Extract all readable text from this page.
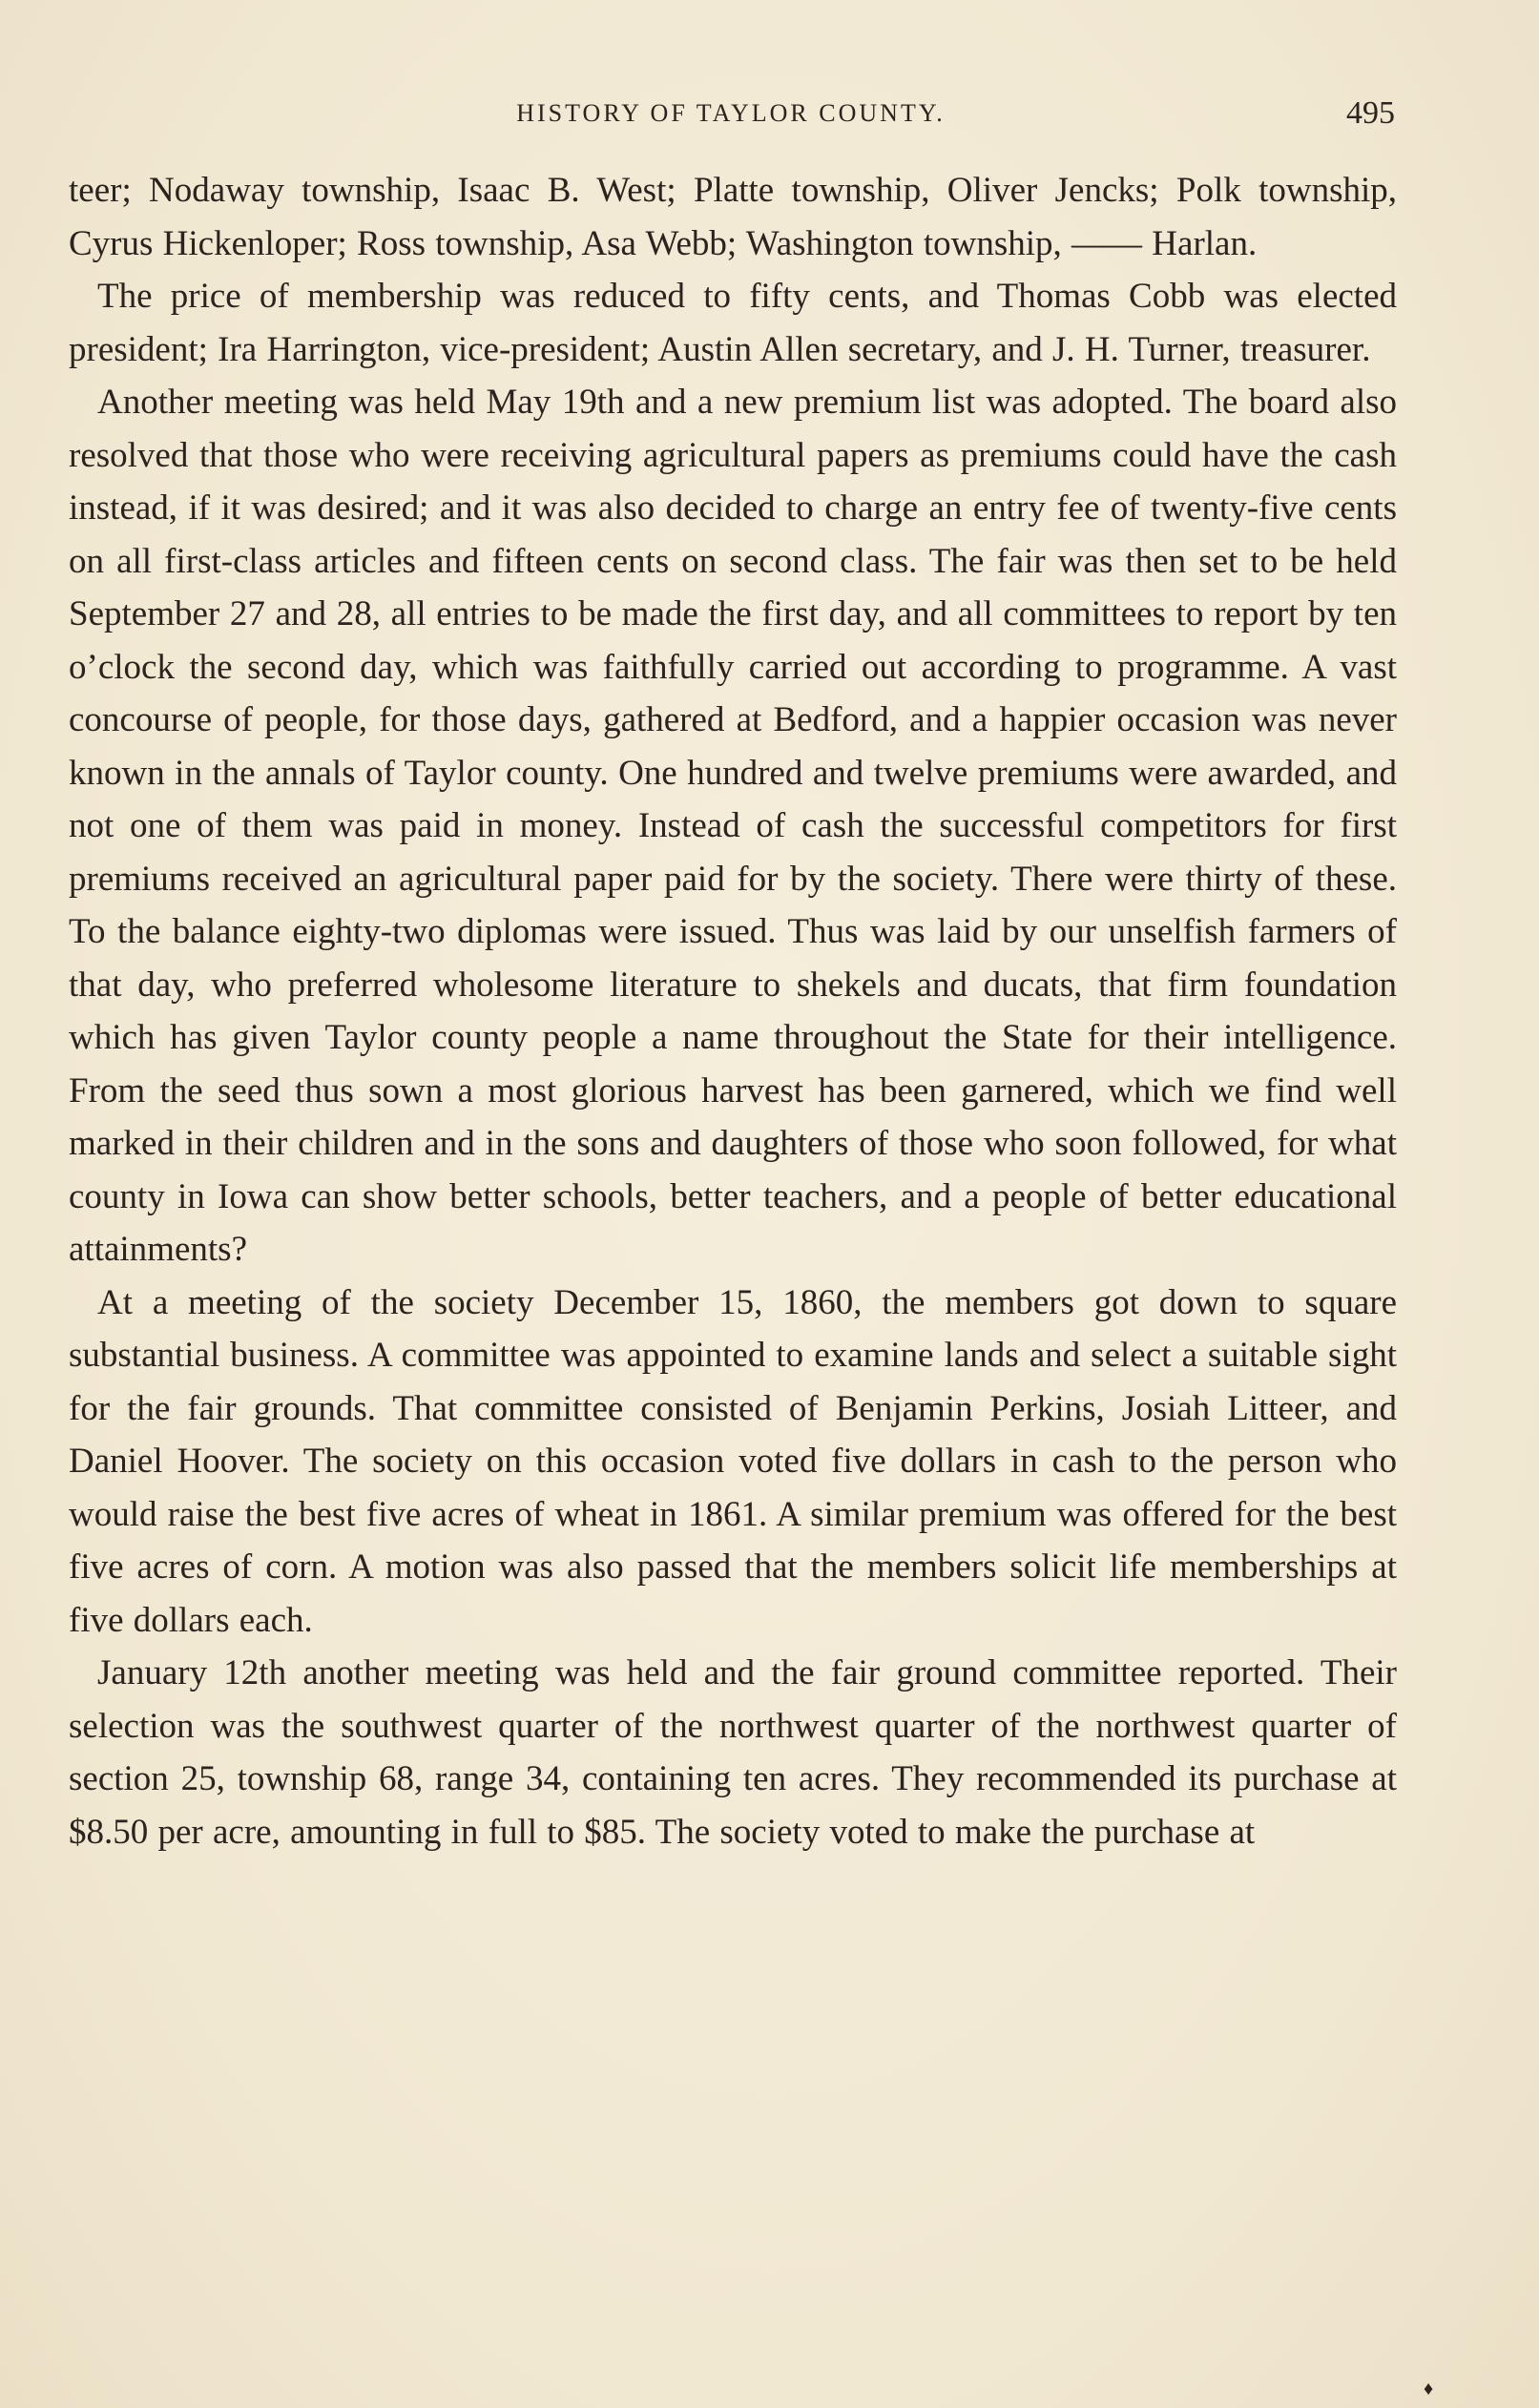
HISTORY OF TAYLOR COUNTY.	495

teer; Nodaway township, Isaac B. West; Platte township, Oliver Jencks; Polk township, Cyrus Hickenloper; Ross township, Asa Webb; Washington township, —— Harlan.

The price of membership was reduced to fifty cents, and Thomas Cobb was elected president; Ira Harrington, vice-president; Austin Allen secretary, and J. H. Turner, treasurer.

Another meeting was held May 19th and a new premium list was adopted. The board also resolved that those who were receiving agricultural papers as premiums could have the cash instead, if it was desired; and it was also decided to charge an entry fee of twenty-five cents on all first-class articles and fifteen cents on second class. The fair was then set to be held September 27 and 28, all entries to be made the first day, and all committees to report by ten o’clock the second day, which was faithfully carried out according to programme. A vast concourse of people, for those days, gathered at Bedford, and a happier occasion was never known in the annals of Taylor county. One hundred and twelve premiums were awarded, and not one of them was paid in money. Instead of cash the successful competitors for first premiums received an agricultural paper paid for by the society. There were thirty of these. To the balance eighty-two diplomas were issued. Thus was laid by our unselfish farmers of that day, who preferred wholesome literature to shekels and ducats, that firm foundation which has given Taylor county people a name throughout the State for their intelligence. From the seed thus sown a most glorious harvest has been garnered, which we find well marked in their children and in the sons and daughters of those who soon followed, for what county in Iowa can show better schools, better teachers, and a people of better educational attainments?

At a meeting of the society December 15, 1860, the members got down to square substantial business. A committee was appointed to examine lands and select a suitable sight for the fair grounds. That committee consisted of Benjamin Perkins, Josiah Litteer, and Daniel Hoover. The society on this occasion voted five dollars in cash to the person who would raise the best five acres of wheat in 1861. A similar premium was offered for the best five acres of corn. A motion was also passed that the members solicit life memberships at five dollars each.

January 12th another meeting was held and the fair ground committee reported. Their selection was the southwest quarter of the northwest quarter of the northwest quarter of section 25, township 68, range 34, containing ten acres. They recommended its purchase at $8.50 per acre, amounting in full to $85. The society voted to make the purchase at

♦
